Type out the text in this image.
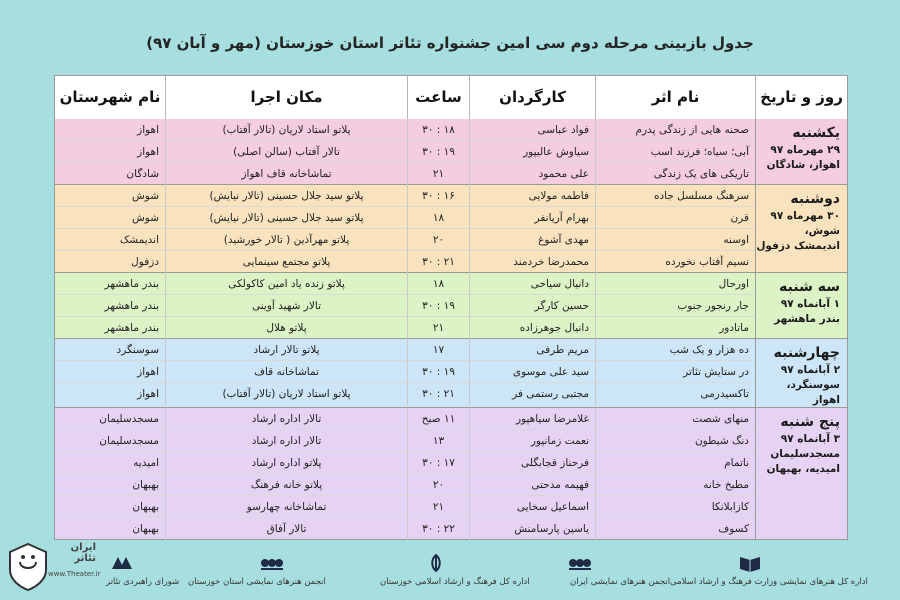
جدول بازبینی مرحله دوم سی امین جشنواره تئاتر استان خوزستان (مهر و آبان ۹۷)
روز و تاریخ
نام اثر
کارگردان
ساعت
مکان اجرا
نام شهرستان
یکشنبه
۲۹ مهرماه ۹۷
اهواز، شادگان
صحنه هایی از زندگی پدرم
فواد عباسی
۱۸ : ۳۰
پلاتو استاد لاریان (تالار آفتاب)
اهواز
آبی؛ سیاه؛ فرزند اسب
سیاوش عالیپور
۱۹ : ۳۰
تالار آفتاب (سالن اصلی)
اهواز
تاریکی های یک زندگی
علی محمود
۲۱
تماشاخانه قاف اهواز
شادگان
دوشنبه
۳۰ مهرماه ۹۷
شوش، اندیمشک دزفول
سرهنگ مسلسل جاده
فاطمه مولایی
۱۶ : ۳۰
پلاتو سید جلال حسینی (تالار نیایش)
شوش
قرن
بهرام آریانفر
۱۸
پلاتو سید جلال حسینی (تالار نیایش)
شوش
اوسنه
مهدی آشوغ
۲۰
پلاتو مهرآذین ( تالار خورشید)
اندیمشک
نسیم آفتاب نخورده
محمدرضا خردمند
۲۱ : ۳۰
پلاتو مجتمع سینمایی
دزفول
سه شنبه
۱ آبانماه ۹۷
بندر ماهشهر
اورحال
دانیال سیاحی
۱۸
پلاتو زنده یاد امین کاکولکی
بندر ماهشهر
جار رنجور جنوب
حسین کارگر
۱۹ : ۳۰
تالار شهید آوینی
بندر ماهشهر
ماتادور
دانیال جوهرزاده
۲۱
پلاتو هلال
بندر ماهشهر
چهارشنبه
۲ آبانماه ۹۷
سوسنگرد، اهواز
ده هزار و یک شب
مریم طرفی
۱۷
پلاتو تالار ارشاد
سوسنگرد
در ستایش تئاتر
سید علی موسوی
۱۹ : ۳۰
تماشاخانه قاف
اهواز
تاکسیدرمی
مجتبی رستمی فر
۲۱ : ۳۰
پلاتو استاد لاریان (تالار آفتاب)
اهواز
پنج شنبه
۳ آبانماه ۹۷
مسجدسلیمان امیدیه، بهبهان
منهای شصت
غلامرضا سیاهپور
۱۱ صبح
تالار اداره ارشاد
مسجدسلیمان
دنگ شیطون
نعمت زمانپور
۱۳
تالار اداره ارشاد
مسجدسلیمان
ناتمام
فرحناز قجابگلی
۱۷ : ۳۰
پلاتو اداره ارشاد
امیدیه
مطبخ خانه
فهیمه مدحتی
۲۰
پلاتو خانه فرهنگ
بهبهان
کازابلانکا
اسماعیل سخایی
۲۱
تماشاخانه چهارسو
بهبهان
کسوف
یاسین پارسامنش
۲۲ : ۳۰
تالار آفاق
بهبهان
اداره کل هنرهای نمایشی وزارت فرهنگ و ارشاد اسلامی
انجمن هنرهای نمایشی ایران
اداره کل فرهنگ و ارشاد اسلامی خوزستان
انجمن هنرهای نمایشی استان خوزستان
شورای راهبردی تئاتر
ایران تئاتر
www.Theater.ir
